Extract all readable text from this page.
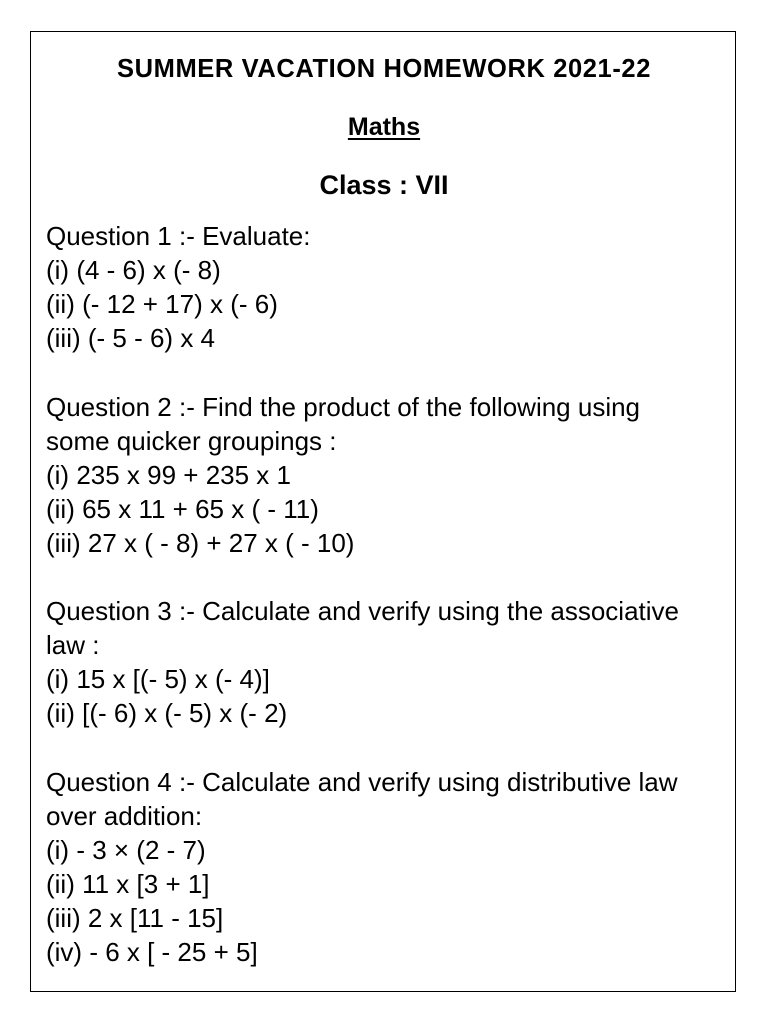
SUMMER VACATION HOMEWORK 2021-22
Maths
Class : VII
Question 1 :- Evaluate:
(i) (4 - 6) x (- 8)
(ii) (- 12 + 17) x (- 6)
(iii) (- 5 - 6) x 4
Question 2 :- Find the product of the following using
some quicker groupings :
(i) 235 x 99 + 235 x 1
(ii) 65 x 11 + 65 x ( - 11)
(iii) 27 x ( - 8) + 27 x ( - 10)
Question 3 :- Calculate and verify using the associative
law :
(i) 15 x [(- 5) x (- 4)]
(ii) [(- 6) x (- 5) x (- 2)
Question 4 :- Calculate and verify using distributive law
over addition:
(i) - 3 × (2 - 7)
(ii) 11 x [3 + 1]
(iii) 2 x [11 - 15]
(iv) - 6 x [ - 25 + 5]
